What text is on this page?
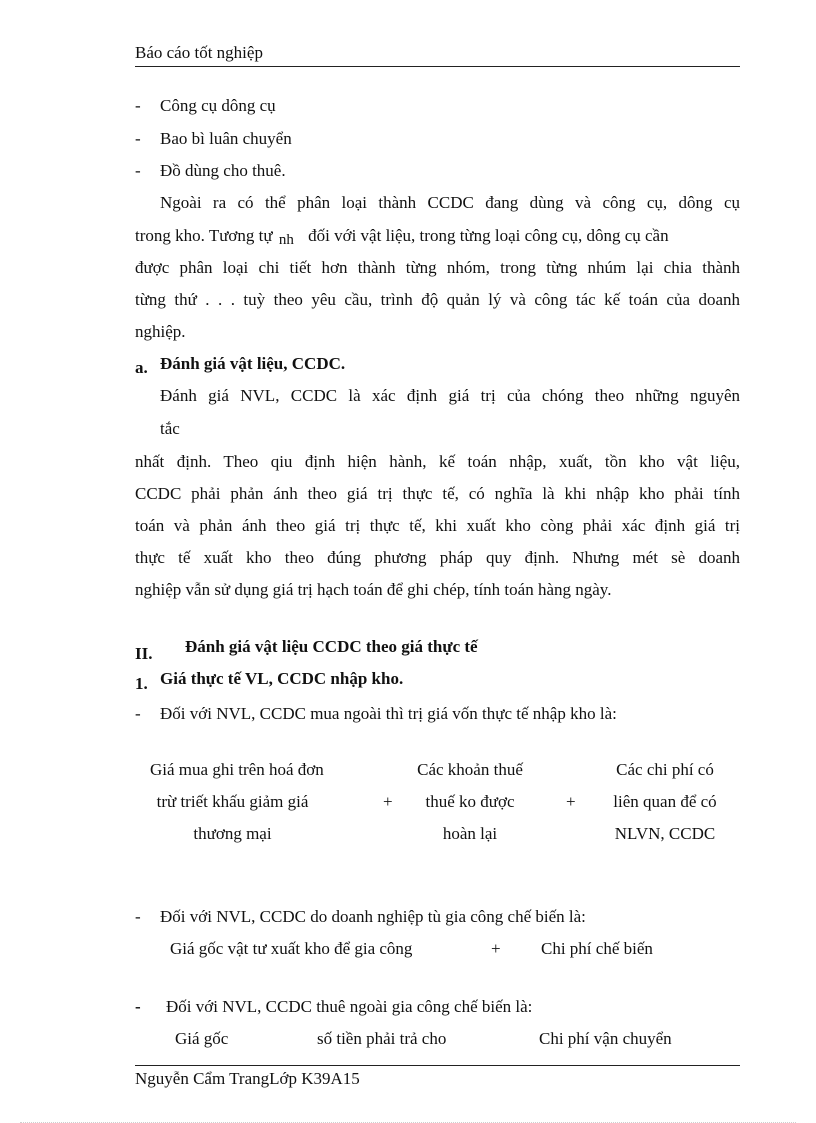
Báo cáo tốt nghiệp
- Công cụ dông cụ
- Bao bì luân chuyển
- Đồ dùng cho thuê.
Ngoài ra có thể phân loại thành CCDC đang dùng và công cụ, dông cụ
trong kho. Tương tự nh đối với vật liệu, trong từng loại công cụ, dông cụ cần
được phân loại chi tiết hơn thành từng nhóm, trong từng nhúm lại chia thành
từng thứ . . . tuỳ theo yêu cầu, trình độ quản lý và công tác kế toán của doanh
nghiệp.
a. Đánh giá vật liệu, CCDC.
Đánh giá NVL, CCDC là xác định giá trị của chóng theo những nguyên
tắc
nhất định. Theo qiu định hiện hành, kế toán nhập, xuất, tồn kho vật liệu,
CCDC phải phản ánh theo giá trị thực tế, có nghĩa là khi nhập kho phải tính
toán và phản ánh theo giá trị thực tế, khi xuất kho còng phải xác định giá trị
thực tế xuất kho theo đúng phương pháp quy định. Nhưng mét sè doanh
nghiệp vẫn sử dụng giá trị hạch toán để ghi chép, tính toán hàng ngày.
II. Đánh giá vật liệu CCDC theo giá thực tế
1. Giá thực tế VL, CCDC nhập kho.
- Đối với NVL, CCDC mua ngoài thì trị giá vốn thực tế nhập kho là:
Giá mua ghi trên hoá đơn
trừ triết khấu giảm giá
thương mại
+
Các khoản thuế
thuế ko được
hoàn lại
+
Các chi phí có
liên quan để có
NLVN, CCDC
- Đối với NVL, CCDC do doanh nghiệp tù gia công chế biến là:
Giá gốc vật tư xuất kho để gia công	+ Chi phí chế biến
- Đối với NVL, CCDC thuê ngoài gia công chế biến là:
Giá gốc	số tiền phải trả cho	Chi phí vận chuyển
Nguyễn Cẩm TrangLớp K39A15
